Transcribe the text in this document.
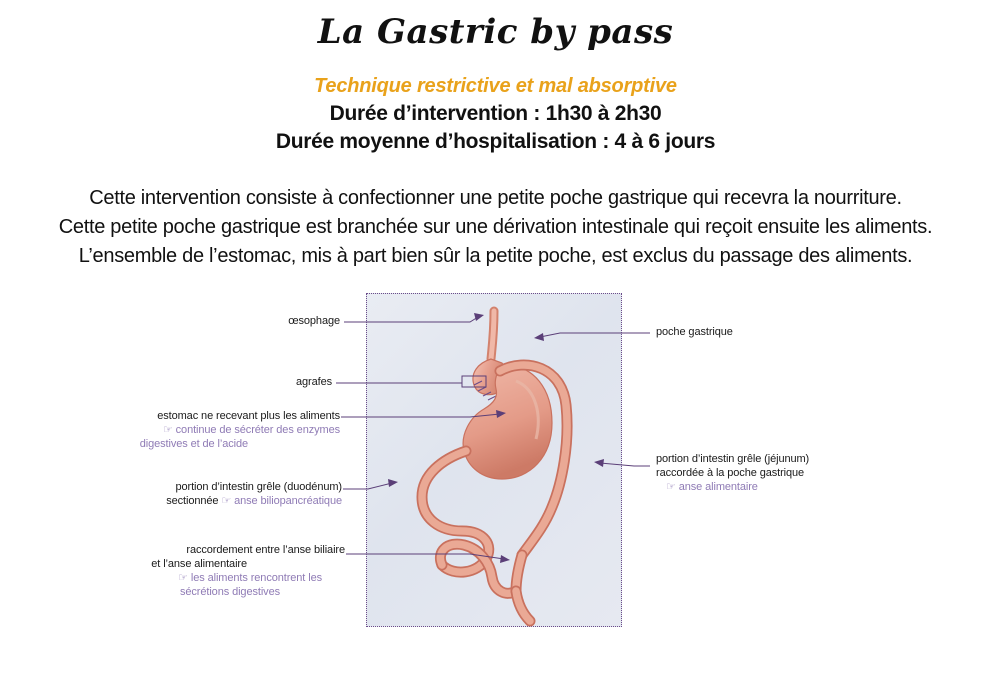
La Gastric by pass
Technique restrictive et mal absorptive
Durée d’intervention : 1h30 à 2h30
Durée moyenne d’hospitalisation : 4 à 6 jours
Cette intervention consiste à confectionner une petite poche gastrique qui recevra la nourriture.
Cette petite poche gastrique est branchée sur une dérivation intestinale qui reçoit ensuite les aliments.
L’ensemble de l’estomac, mis à part bien sûr la petite poche, est exclus du passage des aliments.
œsophage
agrafes
estomac ne recevant plus les aliments
☞ continue de sécréter des enzymes
digestives et de l’acide
portion d’intestin grêle (duodénum)
sectionnée ☞ anse biliopancréatique
raccordement entre l’anse biliaire
et l’anse alimentaire
☞ les aliments rencontrent les
sécrétions digestives
poche gastrique
portion d’intestin grêle (jéjunum)
raccordée à la poche gastrique
☞ anse alimentaire
